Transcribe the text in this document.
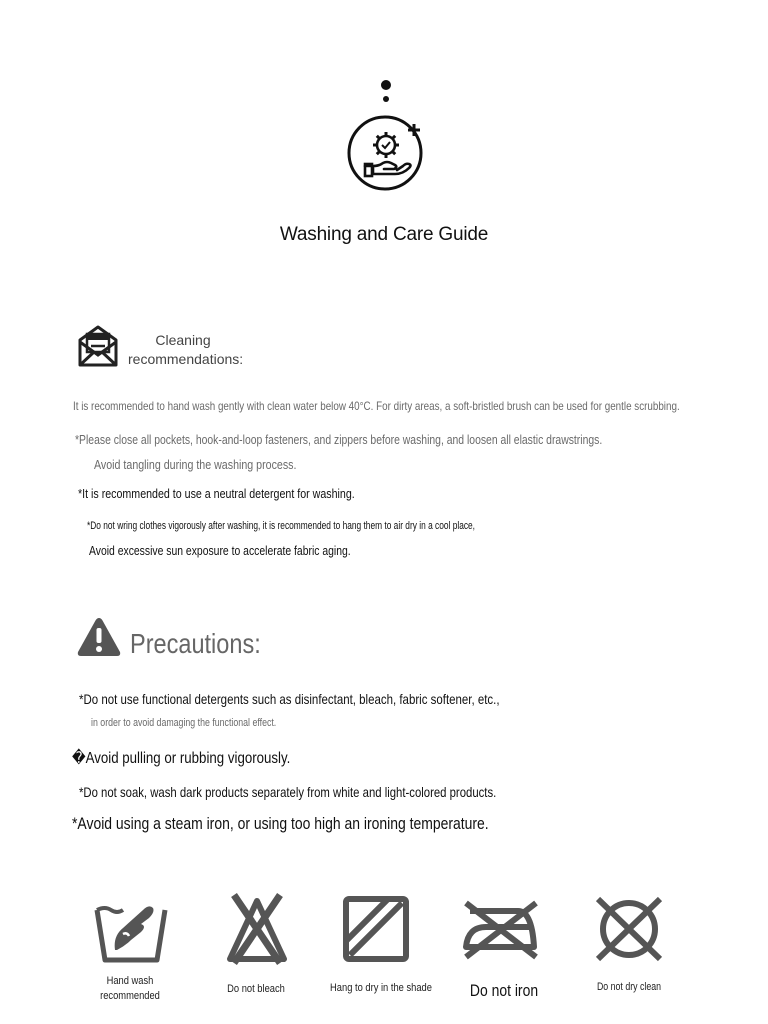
Washing and Care Guide
Cleaning
recommendations:
It is recommended to hand wash gently with clean water below 40°C. For dirty areas, a soft-bristled brush can be used for gentle scrubbing.
*Please close all pockets, hook-and-loop fasteners, and zippers before washing, and loosen all elastic drawstrings.
Avoid tangling during the washing process.
*It is recommended to use a neutral detergent for washing.
*Do not wring clothes vigorously after washing, it is recommended to hang them to air dry in a cool place,
Avoid excessive sun exposure to accelerate fabric aging.
Precautions:
*Do not use functional detergents such as disinfectant, bleach, fabric softener, etc.,
in order to avoid damaging the functional effect.
�Avoid pulling or rubbing vigorously.
*Do not soak, wash dark products separately from white and light-colored products.
*Avoid using a steam iron, or using too high an ironing temperature.
Hand wash
recommended
Do not bleach	Hang to dry in the shade	Do not iron	Do not dry clean
